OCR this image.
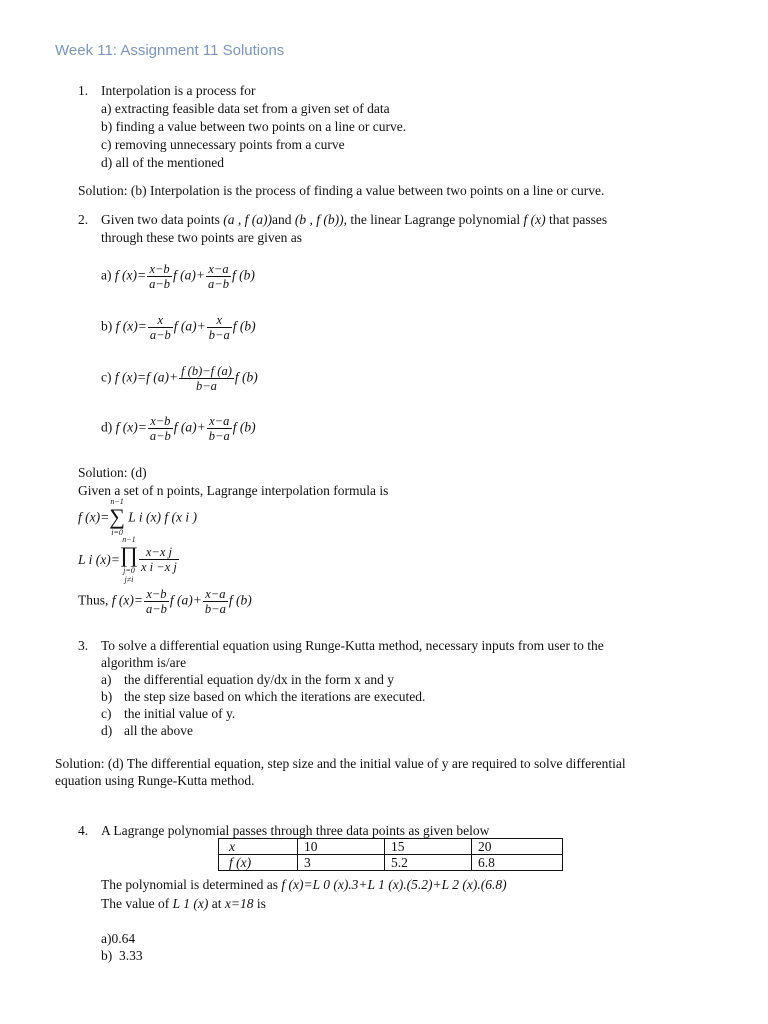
Week 11: Assignment 11 Solutions
1. Interpolation is a process for
a) extracting feasible data set from a given set of data
b) finding a value between two points on a line or curve.
c) removing unnecessary points from a curve
d) all of the mentioned
Solution: (b) Interpolation is the process of finding a value between two points on a line or curve.
2. Given two data points (a , f (a))and (b , f (b)), the linear Lagrange polynomial f (x) that passes
through these two points are given as
a) f $(x)= \frac{x-b}{a-b}$ f $(a)+ \frac{x-a}{a-b}$ f (b)
b) f $(x)= \frac{x}{a-b}$ f $(a)+ \frac{x}{b-a}$ f (b)
c) f (x)=f $(a)+ \frac{f (b)-f (a)}{b-a}$ f (b)
d) f $(x)= \frac{x-b}{a-b}$ f $(a)+ \frac{x-a}{b-a}$ f (b)
Solution: (d)
Given a set of n points, Lagrange interpolation formula is
f (x)=
n−1
∑
i=0
L i (x) f (x i )
L i (x)=
n−1
∏
j=0
j≠i
$\frac{\text{x−x j}}{\text{x i −x j}}$
Thus, f $(x)= \frac{x-b}{a-b}$ f $(a)+ \frac{x-a}{b-a}$ f (b)
3. To solve a differential equation using Runge-Kutta method, necessary inputs from user to the
algorithm is/are
a) the differential equation dy/dx in the form x and y
b) the step size based on which the iterations are executed.
c) the initial value of y.
d) all the above
Solution: (d) The differential equation, step size and the initial value of y are required to solve differential
equation using Runge-Kutta method.
4. A Lagrange polynomial passes through three data points as given below
x	10	15	20
f (x)	3	5.2	6.8
The polynomial is determined as f (x)=L 0 (x).3+L 1 (x).(5.2)+L 2 (x).(6.8)
The value of L 1 (x) at x=18 is
a)0.64
b)  3.33
